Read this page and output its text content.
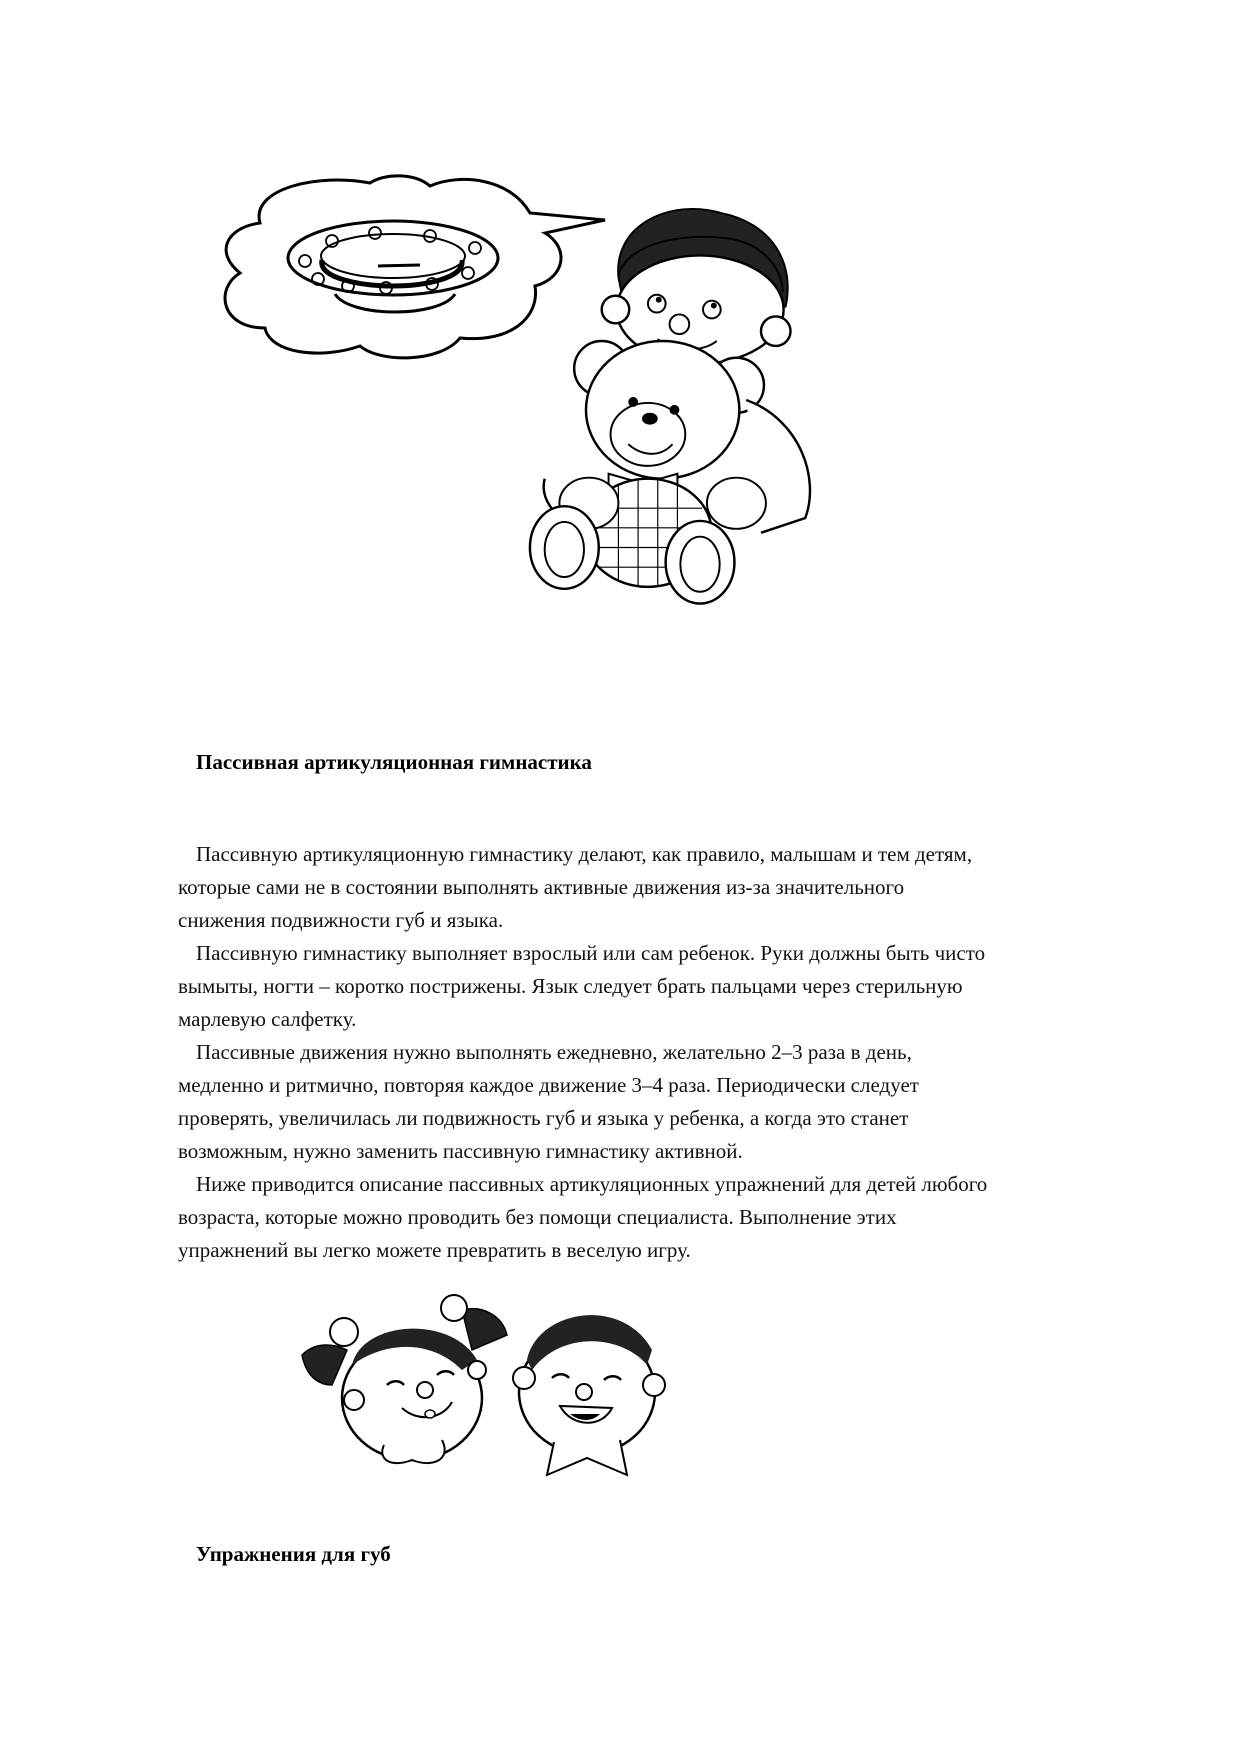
Пассивная артикуляционная гимнастика

Пассивную артикуляционную гимнастику делают, как правило, малышам и тем детям,
которые сами не в состоянии выполнять активные движения из-за значительного
снижения подвижности губ и языка.

Пассивную гимнастику выполняет взрослый или сам ребенок. Руки должны быть чисто
вымыты, ногти – коротко пострижены. Язык следует брать пальцами через стерильную
марлевую салфетку.

Пассивные движения нужно выполнять ежедневно, желательно 2–3 раза в день,
медленно и ритмично, повторяя каждое движение 3–4 раза. Периодически следует
проверять, увеличилась ли подвижность губ и языка у ребенка, а когда это станет
возможным, нужно заменить пассивную гимнастику активной.

Ниже приводится описание пассивных артикуляционных упражнений для детей любого
возраста, которые можно проводить без помощи специалиста. Выполнение этих
упражнений вы легко можете превратить в веселую игру.

Упражнения для губ
